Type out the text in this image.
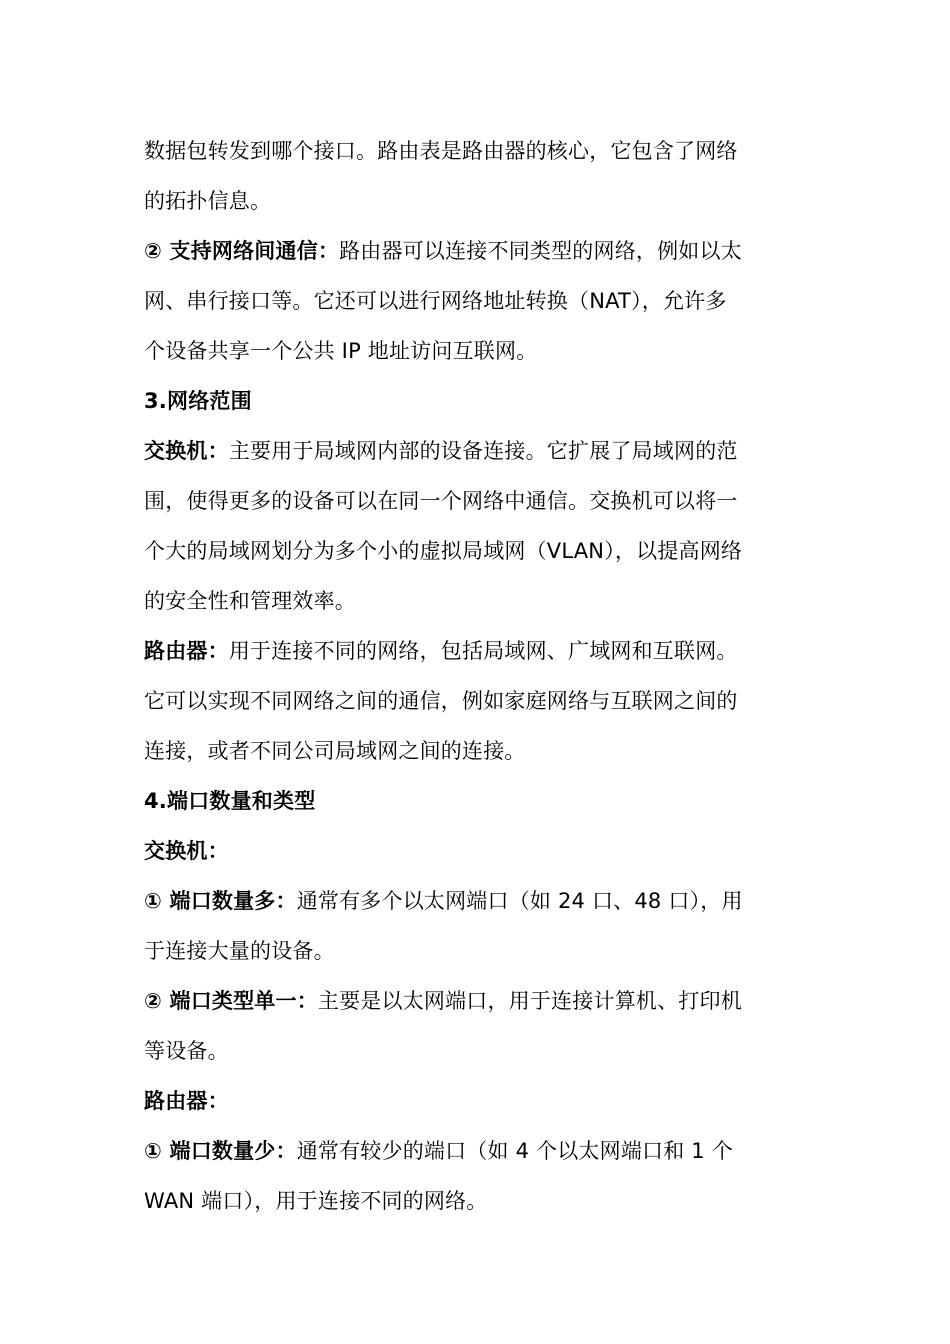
数据包转发到哪个接口。路由表是路由器的核心，它包含了网络
的拓扑信息。
② 支持网络间通信：路由器可以连接不同类型的网络，例如以太
网、串行接口等。它还可以进行网络地址转换（NAT），允许多
个设备共享一个公共 IP 地址访问互联网。
3.网络范围
交换机：主要用于局域网内部的设备连接。它扩展了局域网的范
围，使得更多的设备可以在同一个网络中通信。交换机可以将一
个大的局域网划分为多个小的虚拟局域网（VLAN），以提高网络
的安全性和管理效率。
路由器：用于连接不同的网络，包括局域网、广域网和互联网。
它可以实现不同网络之间的通信，例如家庭网络与互联网之间的
连接，或者不同公司局域网之间的连接。
4.端口数量和类型
交换机：
① 端口数量多：通常有多个以太网端口（如 24 口、48 口），用
于连接大量的设备。
② 端口类型单一：主要是以太网端口，用于连接计算机、打印机
等设备。
路由器：
① 端口数量少：通常有较少的端口（如 4 个以太网端口和 1 个
WAN 端口），用于连接不同的网络。
